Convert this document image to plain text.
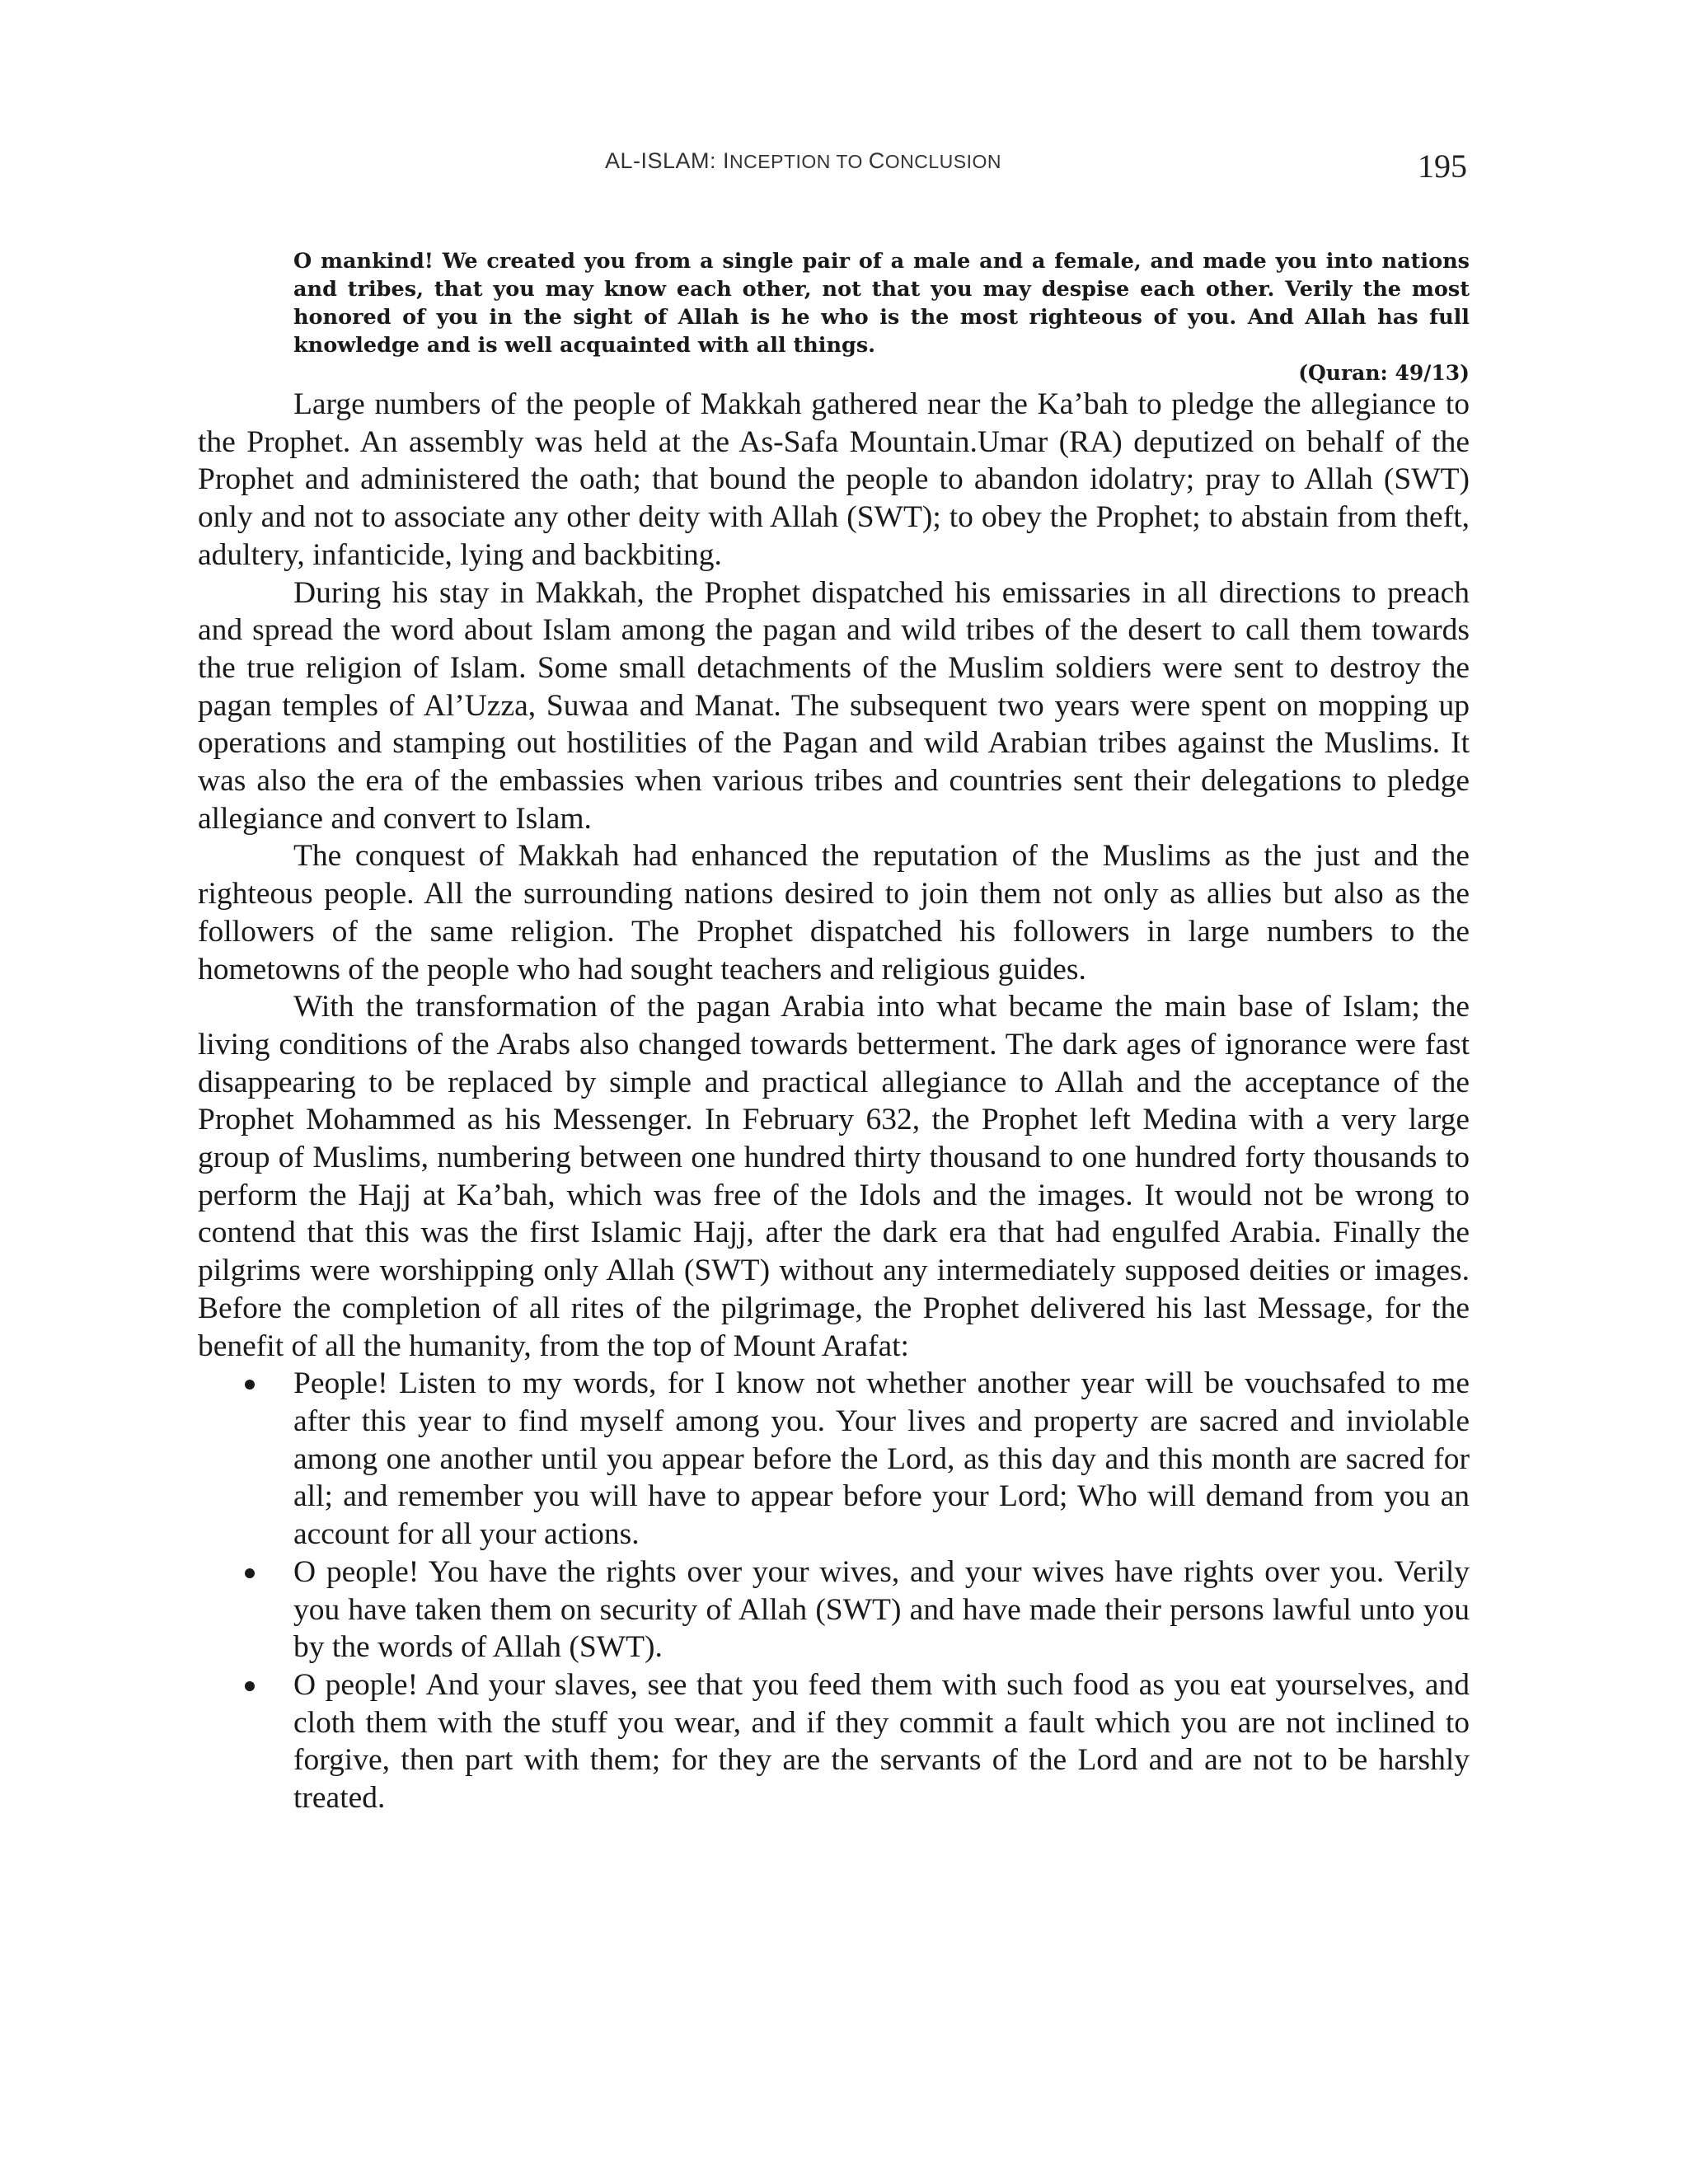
AL-ISLAM: INCEPTION TO CONCLUSION	195
O mankind! We created you from a single pair of a male and a female, and made you into nations and tribes, that you may know each other, not that you may despise each other. Verily the most honored of you in the sight of Allah is he who is the most righteous of you. And Allah has full knowledge and is well acquainted with all things.
(Quran: 49/13)

Large numbers of the people of Makkah gathered near the Ka’bah to pledge the allegiance to the Prophet. An assembly was held at the As-Safa Mountain.Umar (RA) deputized on behalf of the Prophet and administered the oath; that bound the people to abandon idolatry; pray to Allah (SWT) only and not to associate any other deity with Allah (SWT); to obey the Prophet; to abstain from theft, adultery, infanticide, lying and backbiting.

During his stay in Makkah, the Prophet dispatched his emissaries in all directions to preach and spread the word about Islam among the pagan and wild tribes of the desert to call them towards the true religion of Islam. Some small detachments of the Muslim soldiers were sent to destroy the pagan temples of Al’Uzza, Suwaa and Manat. The subsequent two years were spent on mopping up operations and stamping out hostilities of the Pagan and wild Arabian tribes against the Muslims. It was also the era of the embassies when various tribes and countries sent their delegations to pledge allegiance and convert to Islam.

The conquest of Makkah had enhanced the reputation of the Muslims as the just and the righteous people. All the surrounding nations desired to join them not only as allies but also as the followers of the same religion. The Prophet dispatched his followers in large numbers to the hometowns of the people who had sought teachers and religious guides.

With the transformation of the pagan Arabia into what became the main base of Islam; the living conditions of the Arabs also changed towards betterment. The dark ages of ignorance were fast disappearing to be replaced by simple and practical allegiance to Allah and the acceptance of the Prophet Mohammed as his Messenger. In February 632, the Prophet left Medina with a very large group of Muslims, numbering between one hundred thirty thousand to one hundred forty thousands to perform the Hajj at Ka’bah, which was free of the Idols and the images. It would not be wrong to contend that this was the first Islamic Hajj, after the dark era that had engulfed Arabia. Finally the pilgrims were worshipping only Allah (SWT) without any intermediately supposed deities or images. Before the completion of all rites of the pilgrimage, the Prophet delivered his last Message, for the benefit of all the humanity, from the top of Mount Arafat:

People! Listen to my words, for I know not whether another year will be vouchsafed to me after this year to find myself among you. Your lives and property are sacred and inviolable among one another until you appear before the Lord, as this day and this month are sacred for all; and remember you will have to appear before your Lord; Who will demand from you an account for all your actions.
O people! You have the rights over your wives, and your wives have rights over you. Verily you have taken them on security of Allah (SWT) and have made their persons lawful unto you by the words of Allah (SWT).
O people! And your slaves, see that you feed them with such food as you eat yourselves, and cloth them with the stuff you wear, and if they commit a fault which you are not inclined to forgive, then part with them; for they are the servants of the Lord and are not to be harshly treated.
